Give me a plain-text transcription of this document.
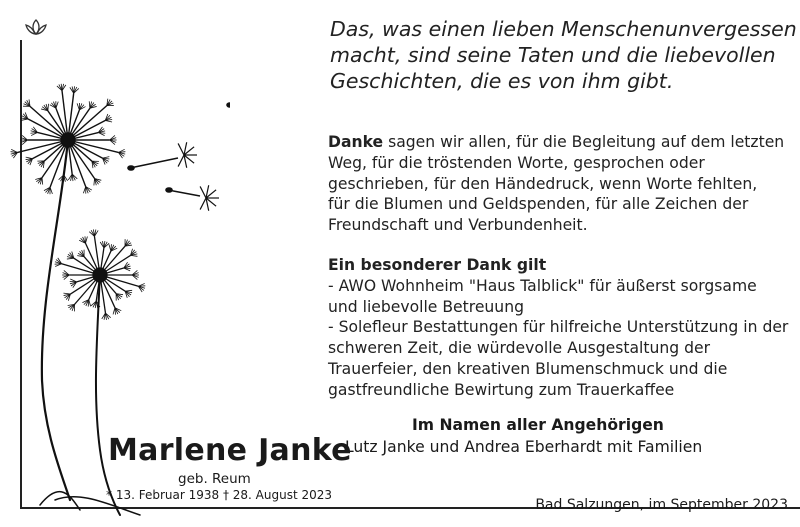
Das, was einen lieben Menschenunvergessen
macht, sind seine Taten und die liebevollen
Geschichten, die es von ihm gibt.

Danke sagen wir allen, für die Begleitung auf dem letzten
Weg, für die tröstenden Worte, gesprochen oder
geschrieben, für den Händedruck, wenn Worte fehlten,
für die Blumen und Geldspenden, für alle Zeichen der
Freundschaft und Verbundenheit.

Ein besonderer Dank gilt
- AWO Wohnheim "Haus Talblick" für äußerst sorgsame
und liebevolle Betreuung
- Solefleur Bestattungen für hilfreiche Unterstützung in der
schweren Zeit, die würdevolle Ausgestaltung der
Trauerfeier, den kreativen Blumenschmuck und die
gastfreundliche Bewirtung zum Trauerkaffee

Im Namen aller Angehörigen
Lutz Janke und Andrea Eberhardt mit Familien
Marlene Janke
geb. Reum
* 13. Februar 1938 † 28. August 2023
Bad Salzungen, im September 2023
